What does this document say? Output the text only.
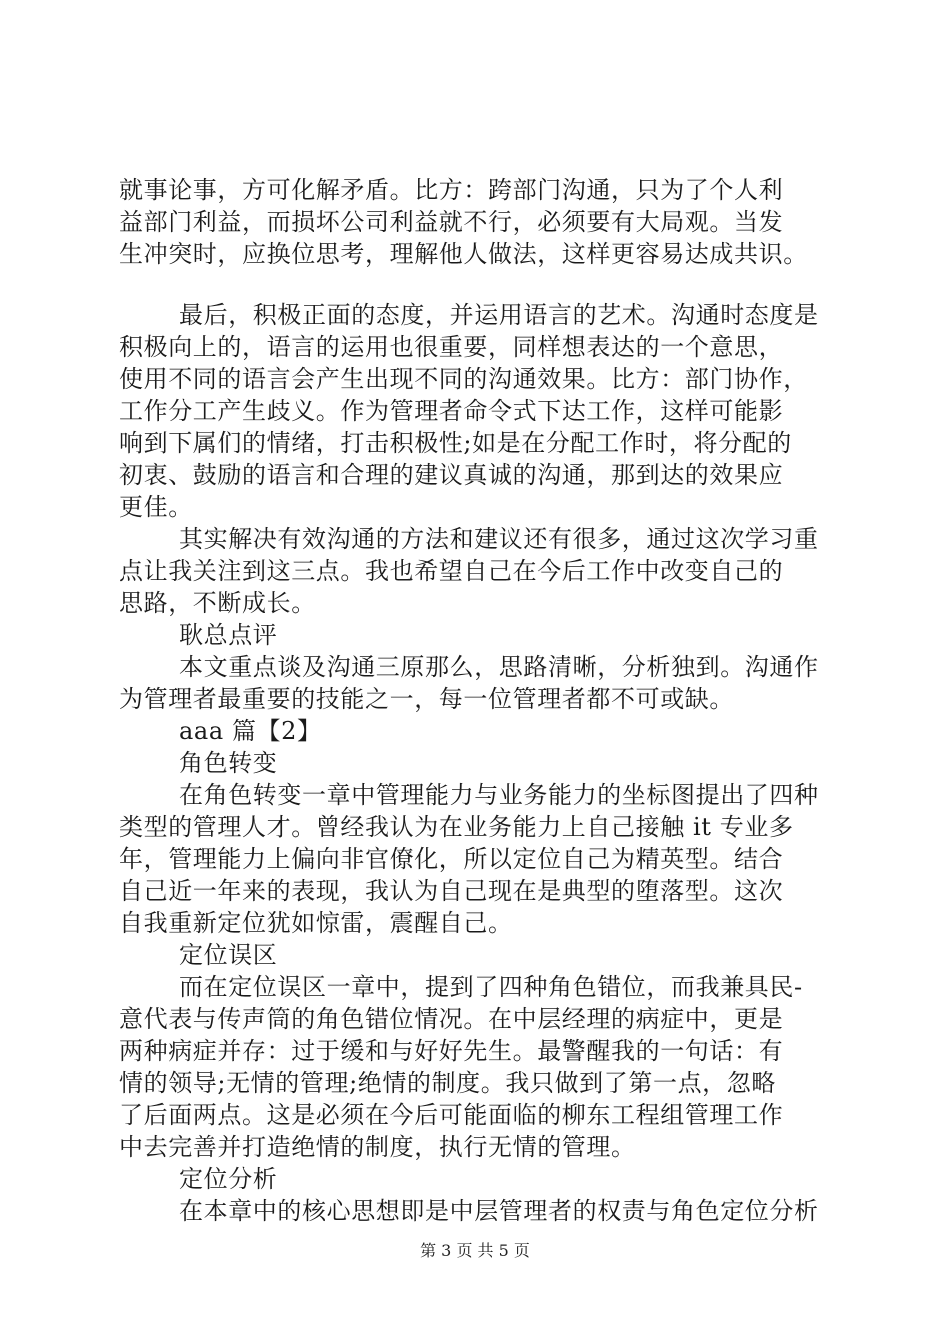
就事论事，方可化解矛盾。比方：跨部门沟通，只为了个人利
益部门利益，而损坏公司利益就不行，必须要有大局观。当发
生冲突时，应换位思考，理解他人做法，这样更容易达成共识。
最后，积极正面的态度，并运用语言的艺术。沟通时态度是
积极向上的，语言的运用也很重要，同样想表达的一个意思，
使用不同的语言会产生出现不同的沟通效果。比方：部门协作，
工作分工产生歧义。作为管理者命令式下达工作，这样可能影
响到下属们的情绪，打击积极性;如是在分配工作时，将分配的
初衷、鼓励的语言和合理的建议真诚的沟通，那到达的效果应
更佳。
其实解决有效沟通的方法和建议还有很多，通过这次学习重
点让我关注到这三点。我也希望自己在今后工作中改变自己的
思路，不断成长。
耿总点评
本文重点谈及沟通三原那么，思路清晰，分析独到。沟通作
为管理者最重要的技能之一，每一位管理者都不可或缺。
aaa 篇【2】
角色转变
在角色转变一章中管理能力与业务能力的坐标图提出了四种
类型的管理人才。曾经我认为在业务能力上自己接触 it 专业多
年，管理能力上偏向非官僚化，所以定位自己为精英型。结合
自己近一年来的表现，我认为自己现在是典型的堕落型。这次
自我重新定位犹如惊雷，震醒自己。
定位误区
而在定位误区一章中，提到了四种角色错位，而我兼具民-
意代表与传声筒的角色错位情况。在中层经理的病症中，更是
两种病症并存：过于缓和与好好先生。最警醒我的一句话：有
情的领导;无情的管理;绝情的制度。我只做到了第一点，忽略
了后面两点。这是必须在今后可能面临的柳东工程组管理工作
中去完善并打造绝情的制度，执行无情的管理。
定位分析
在本章中的核心思想即是中层管理者的权责与角色定位分析
第 3 页 共 5 页
